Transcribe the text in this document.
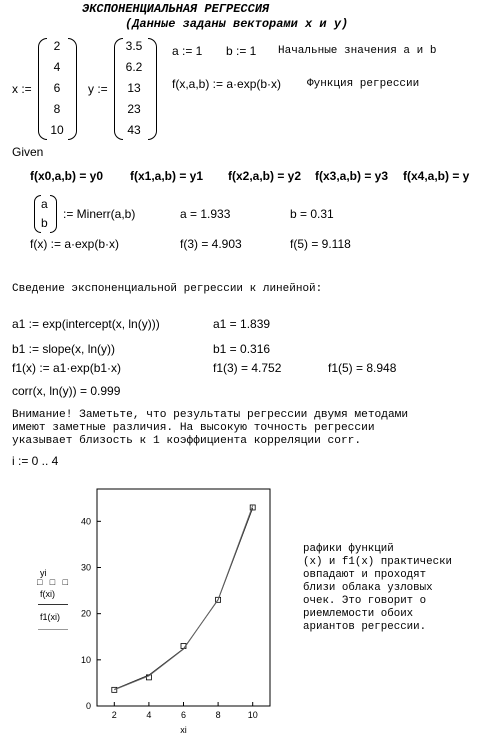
ЭКСПОНЕНЦИАЛЬНАЯ РЕГРЕССИЯ
(Данные заданы векторами x и y)
x :=
2
4
6
8
10
y :=
3.5
6.2
13
23
43
a := 1 b := 1 Начальные значения a и b
f(x,a,b) := a·exp(b·x) Функция регрессии
Given
f(x0,a,b) = y0 f(x1,a,b) = y1 f(x2,a,b) = y2 f(x3,a,b) = y3 f(x4,a,b) = y
a
b
:= Minerr(a,b)	a = 1.933	b = 0.31
f(x) := a·exp(b·x)	f(3) = 4.903	f(5) = 9.118
Сведение экспоненциальной регрессии к линейной:
a1 := exp(intercept(x, ln(y)))	a1 = 1.839
b1 := slope(x, ln(y))	b1 = 0.316
f1(x) := a1·exp(b1·x)	f1(3) = 4.752	f1(5) = 8.948
corr(x, ln(y)) = 0.999
Внимание! Заметьте, что результаты регрессии двумя методами
имеют заметные различия. На высокую точность регрессии
указывает близость к 1 коэффициента корреляции corr.
i := 0 .. 4
2	4	6	8	10
0
10
20
30
40
xi
yi
□ □ □
f(xi)
f1(xi)
рафики функций
(x) и f1(x) практически
овпадают и проходят
близи облака узловых
очек. Это говорит о
риемлемости обоих
ариантов регрессии.
